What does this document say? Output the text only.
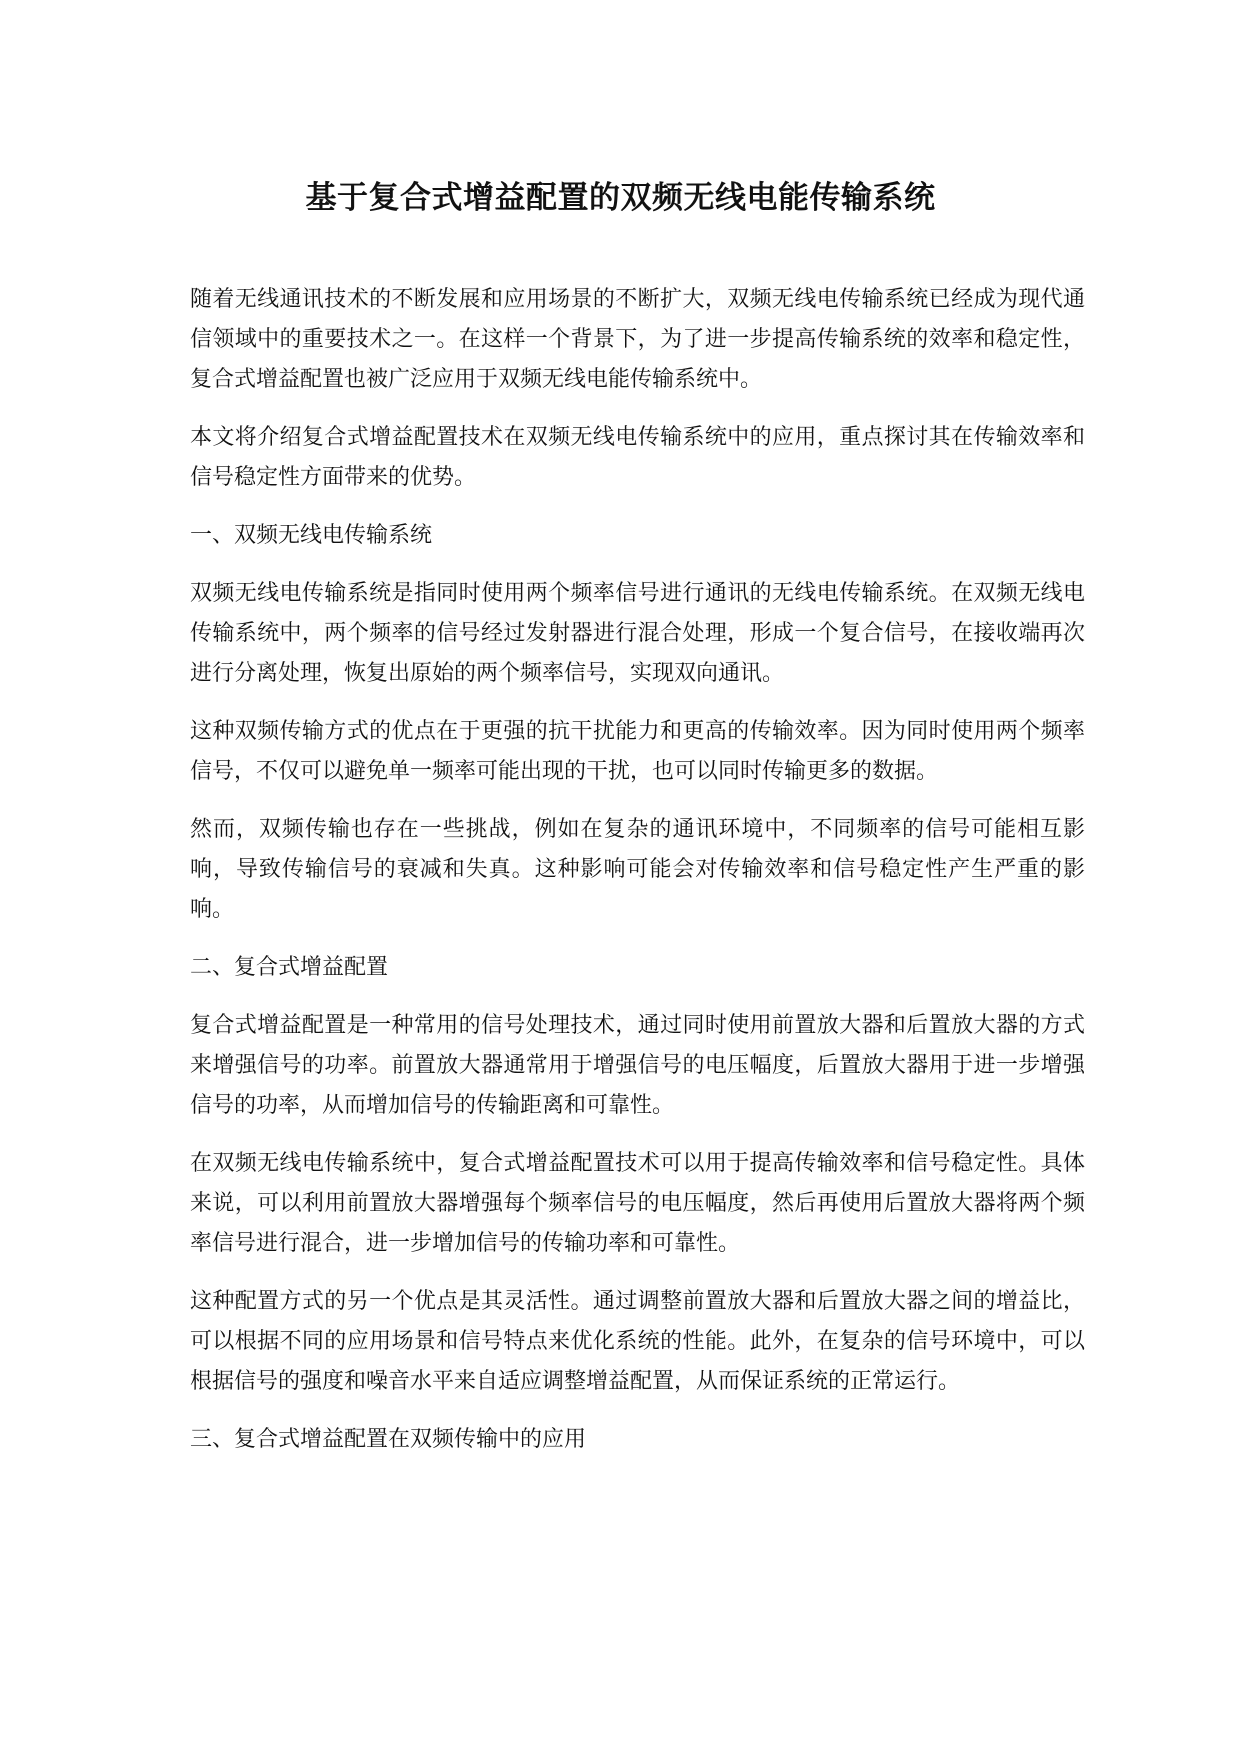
基于复合式增益配置的双频无线电能传输系统

随着无线通讯技术的不断发展和应用场景的不断扩大，双频无线电传输系统已经成为现代通信领域中的重要技术之一。在这样一个背景下，为了进一步提高传输系统的效率和稳定性，复合式增益配置也被广泛应用于双频无线电能传输系统中。

本文将介绍复合式增益配置技术在双频无线电传输系统中的应用，重点探讨其在传输效率和信号稳定性方面带来的优势。

一、双频无线电传输系统

双频无线电传输系统是指同时使用两个频率信号进行通讯的无线电传输系统。在双频无线电传输系统中，两个频率的信号经过发射器进行混合处理，形成一个复合信号，在接收端再次进行分离处理，恢复出原始的两个频率信号，实现双向通讯。

这种双频传输方式的优点在于更强的抗干扰能力和更高的传输效率。因为同时使用两个频率信号，不仅可以避免单一频率可能出现的干扰，也可以同时传输更多的数据。

然而，双频传输也存在一些挑战，例如在复杂的通讯环境中，不同频率的信号可能相互影响，导致传输信号的衰减和失真。这种影响可能会对传输效率和信号稳定性产生严重的影响。

二、复合式增益配置

复合式增益配置是一种常用的信号处理技术，通过同时使用前置放大器和后置放大器的方式来增强信号的功率。前置放大器通常用于增强信号的电压幅度，后置放大器用于进一步增强信号的功率，从而增加信号的传输距离和可靠性。

在双频无线电传输系统中，复合式增益配置技术可以用于提高传输效率和信号稳定性。具体来说，可以利用前置放大器增强每个频率信号的电压幅度，然后再使用后置放大器将两个频率信号进行混合，进一步增加信号的传输功率和可靠性。

这种配置方式的另一个优点是其灵活性。通过调整前置放大器和后置放大器之间的增益比，可以根据不同的应用场景和信号特点来优化系统的性能。此外，在复杂的信号环境中，可以根据信号的强度和噪音水平来自适应调整增益配置，从而保证系统的正常运行。

三、复合式增益配置在双频传输中的应用
